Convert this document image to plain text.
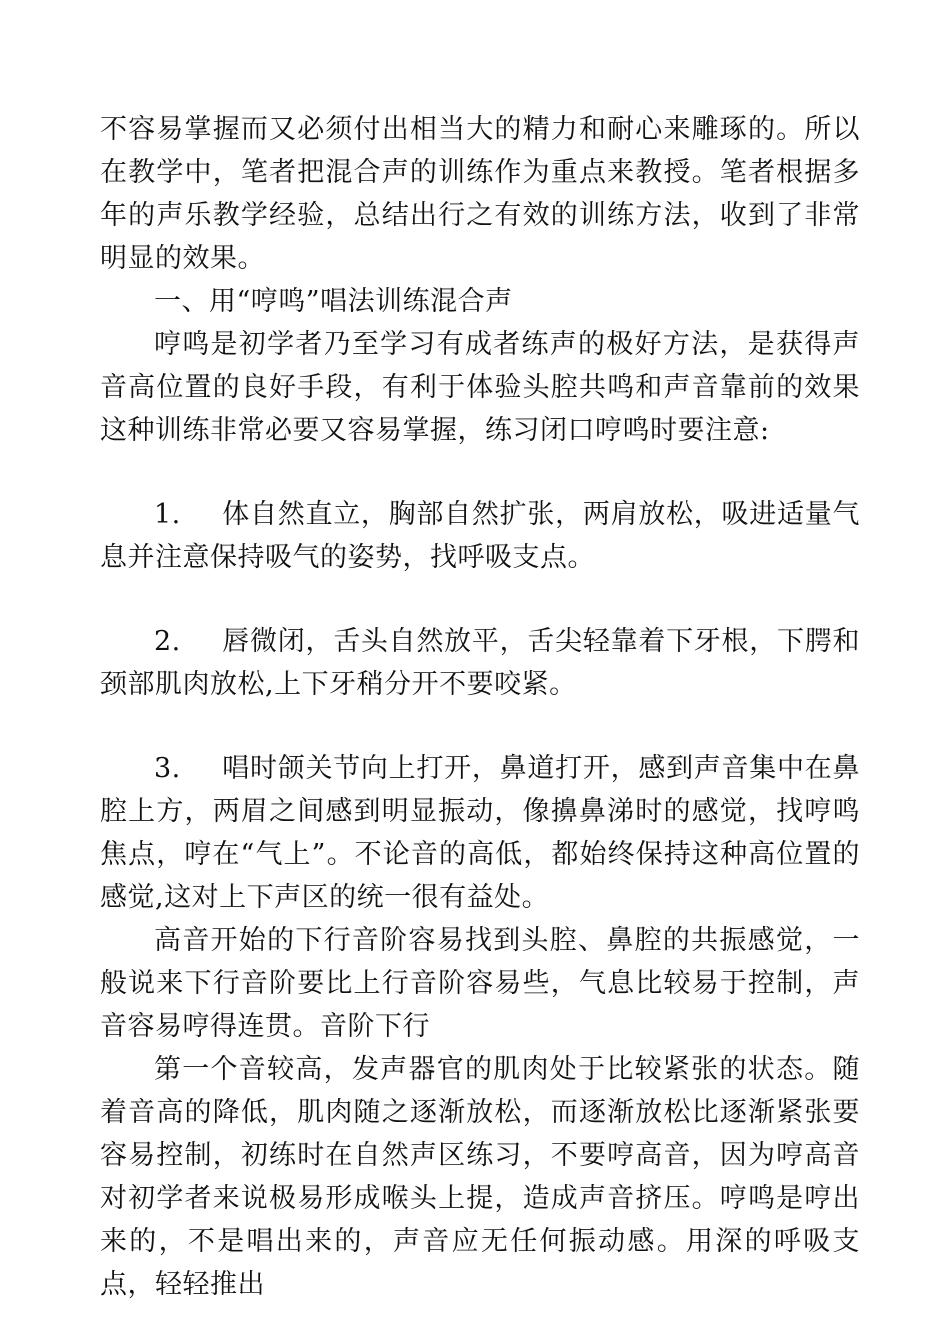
不容易掌握而又必须付出相当大的精力和耐心来雕琢的。所以在教学中，笔者把混合声的训练作为重点来教授。笔者根据多年的声乐教学经验，总结出行之有效的训练方法，收到了非常明显的效果。

一、用“哼鸣”唱法训练混合声

哼鸣是初学者乃至学习有成者练声的极好方法，是获得声音高位置的良好手段，有利于体验头腔共鸣和声音靠前的效果这种训练非常必要又容易掌握，练习闭口哼鸣时要注意:

1. 体自然直立，胸部自然扩张，两肩放松，吸进适量气息并注意保持吸气的姿势，找呼吸支点。

2. 唇微闭，舌头自然放平，舌尖轻靠着下牙根，下腭和颈部肌肉放松,上下牙稍分开不要咬紧。

3. 唱时颌关节向上打开，鼻道打开，感到声音集中在鼻腔上方，两眉之间感到明显振动，像擤鼻涕时的感觉，找哼鸣焦点，哼在“气上”。不论音的高低，都始终保持这种高位置的感觉,这对上下声区的统一很有益处。

高音开始的下行音阶容易找到头腔、鼻腔的共振感觉，一般说来下行音阶要比上行音阶容易些，气息比较易于控制，声音容易哼得连贯。音阶下行

第一个音较高，发声器官的肌肉处于比较紧张的状态。随着音高的降低，肌肉随之逐渐放松，而逐渐放松比逐渐紧张要容易控制，初练时在自然声区练习，不要哼高音，因为哼高音对初学者来说极易形成喉头上提，造成声音挤压。哼鸣是哼出来的，不是唱出来的，声音应无任何振动感。用深的呼吸支点，轻轻推出
